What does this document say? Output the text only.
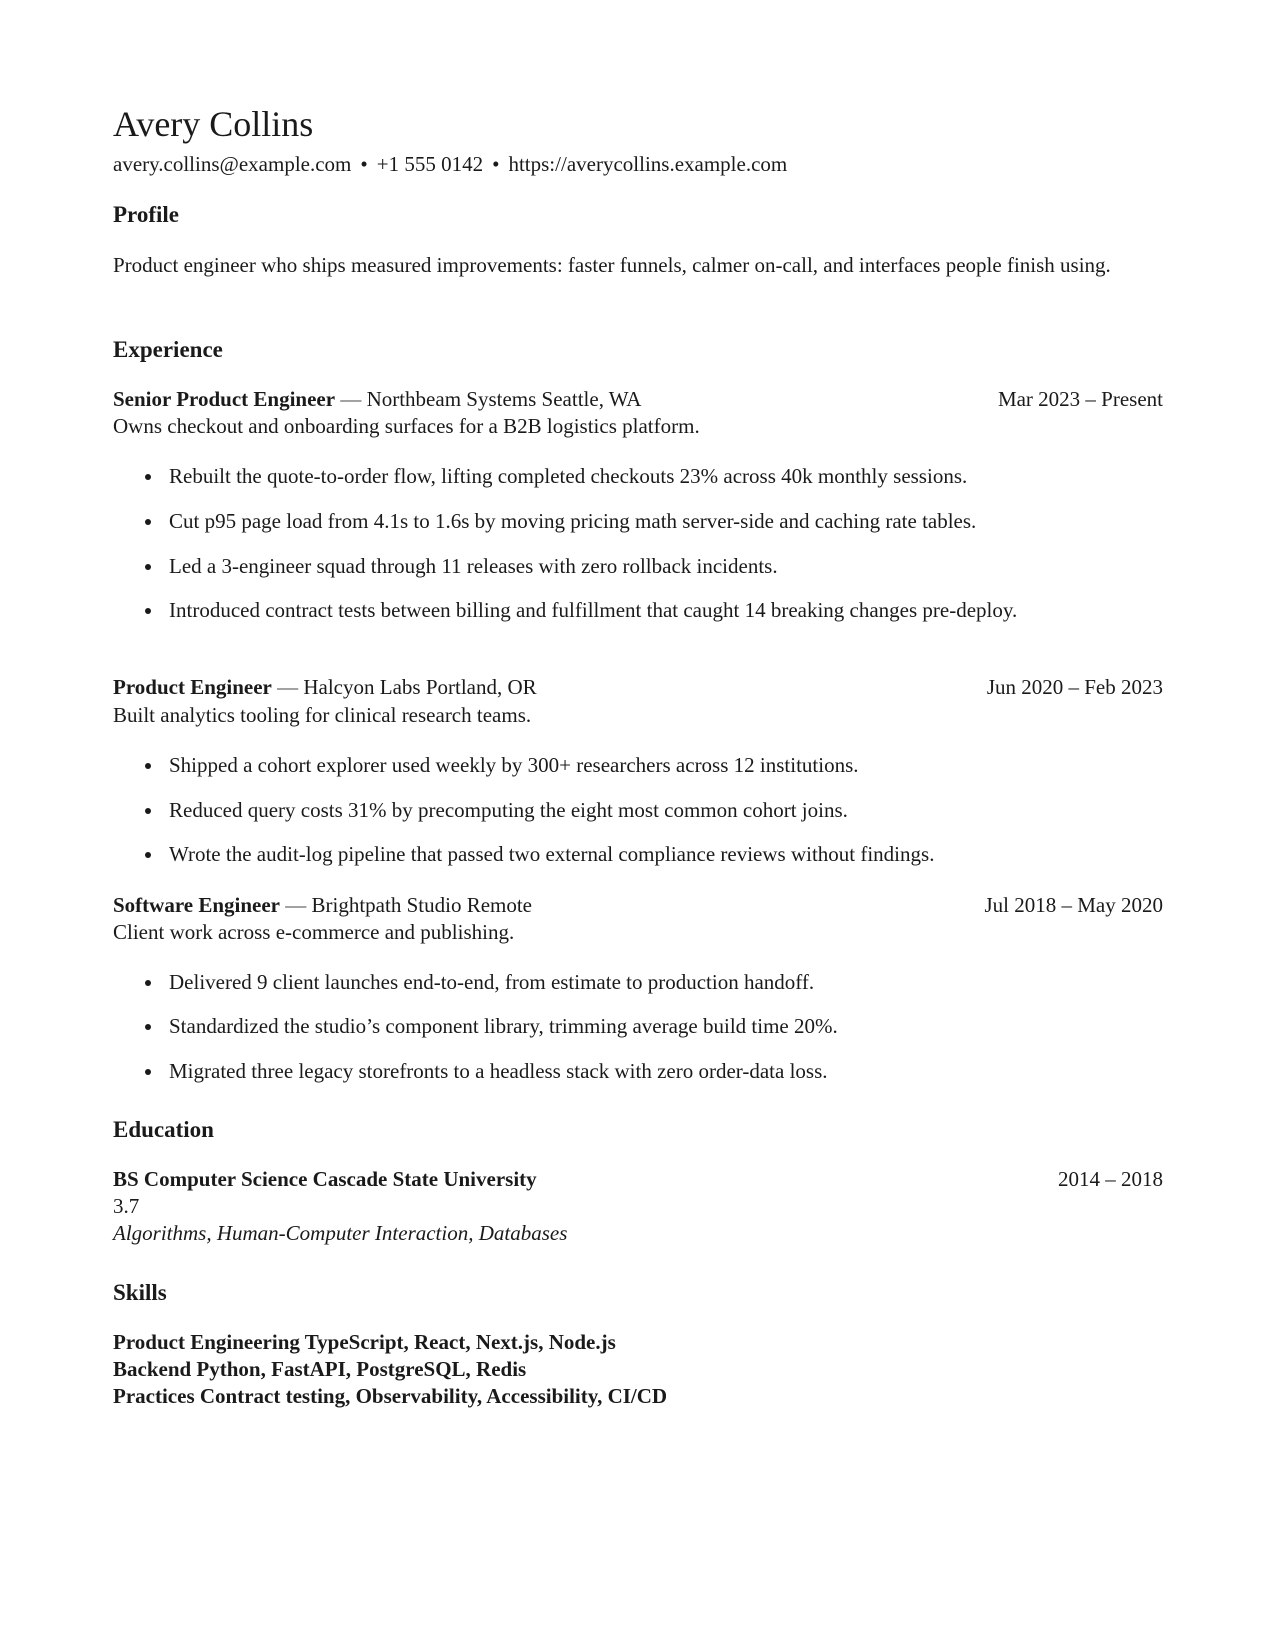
Avery Collins
avery.collins@example.com • +1 555 0142 • https://averycollins.example.com
Profile

Product engineer who ships measured improvements: faster funnels, calmer on-call, and interfaces people finish using.

Experience
Senior Product Engineer — Northbeam Systems Seattle, WA	Mar 2023 – Present
Owns checkout and onboarding surfaces for a B2B logistics platform.
Rebuilt the quote-to-order flow, lifting completed checkouts 23% across 40k monthly sessions.
Cut p95 page load from 4.1s to 1.6s by moving pricing math server-side and caching rate tables.
Led a 3-engineer squad through 11 releases with zero rollback incidents.
Introduced contract tests between billing and fulfillment that caught 14 breaking changes pre-deploy.
Product Engineer — Halcyon Labs Portland, OR	Jun 2020 – Feb 2023
Built analytics tooling for clinical research teams.
Shipped a cohort explorer used weekly by 300+ researchers across 12 institutions.
Reduced query costs 31% by precomputing the eight most common cohort joins.
Wrote the audit-log pipeline that passed two external compliance reviews without findings.
Software Engineer — Brightpath Studio Remote	Jul 2018 – May 2020
Client work across e-commerce and publishing.
Delivered 9 client launches end-to-end, from estimate to production handoff.
Standardized the studio’s component library, trimming average build time 20%.
Migrated three legacy storefronts to a headless stack with zero order-data loss.
Education
BS Computer Science Cascade State University	2014 – 2018
3.7
Algorithms, Human-Computer Interaction, Databases
Skills
Product Engineering TypeScript, React, Next.js, Node.js
Backend Python, FastAPI, PostgreSQL, Redis
Practices Contract testing, Observability, Accessibility, CI/CD
